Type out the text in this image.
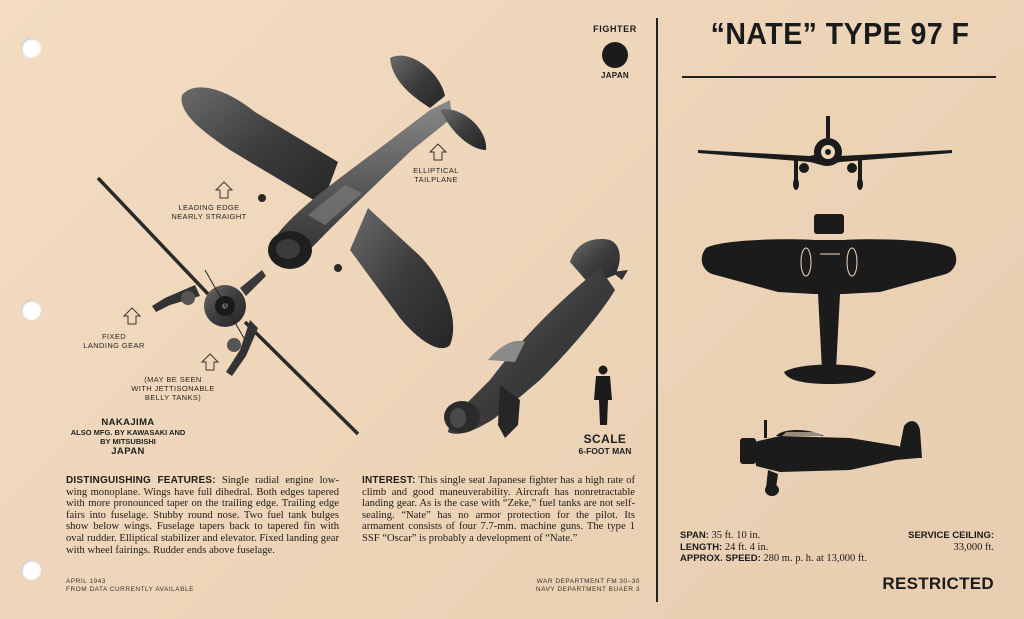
FIGHTER
JAPAN
LEADING EDGE
NEARLY STRAIGHT
ELLIPTICAL
TAILPLANE
FIXED
LANDING GEAR
(MAY BE SEEN
WITH JETTISONABLE
BELLY TANKS)
NAKAJIMA
ALSO MFG. BY KAWASAKI AND
BY MITSUBISHI
JAPAN
SCALE
6-FOOT MAN
DISTINGUISHING FEATURES: Single radial engine low-wing monoplane. Wings have full dihedral. Both edges tapered with more pronounced taper on the trailing edge. Trailing edge fairs into fuselage. Stubby round nose. Two fuel tank bulges show below wings. Fuselage tapers back to tapered fin with oval rudder. Elliptical stabilizer and elevator. Fixed landing gear with wheel fairings. Rudder ends above fuselage.
INTEREST: This single seat Japanese fighter has a high rate of climb and good maneuverability. Aircraft has nonretractable landing gear. As is the case with “Zeke,” fuel tanks are not self-sealing. “Nate” has no armor protection for the pilot. Its armament consists of four 7.7-mm. machine guns. The type 1 SSF “Oscar” is probably a development of “Nate.”
APRIL 1943
FROM DATA CURRENTLY AVAILABLE
WAR DEPARTMENT FM 30–30
NAVY DEPARTMENT BUAER 3
“NATE” TYPE 97 F
SPAN: 35 ft. 10 in.
LENGTH: 24 ft. 4 in.
APPROX. SPEED: 280 m. p. h. at 13,000 ft.
SERVICE CEILING:
33,000 ft.
RESTRICTED
